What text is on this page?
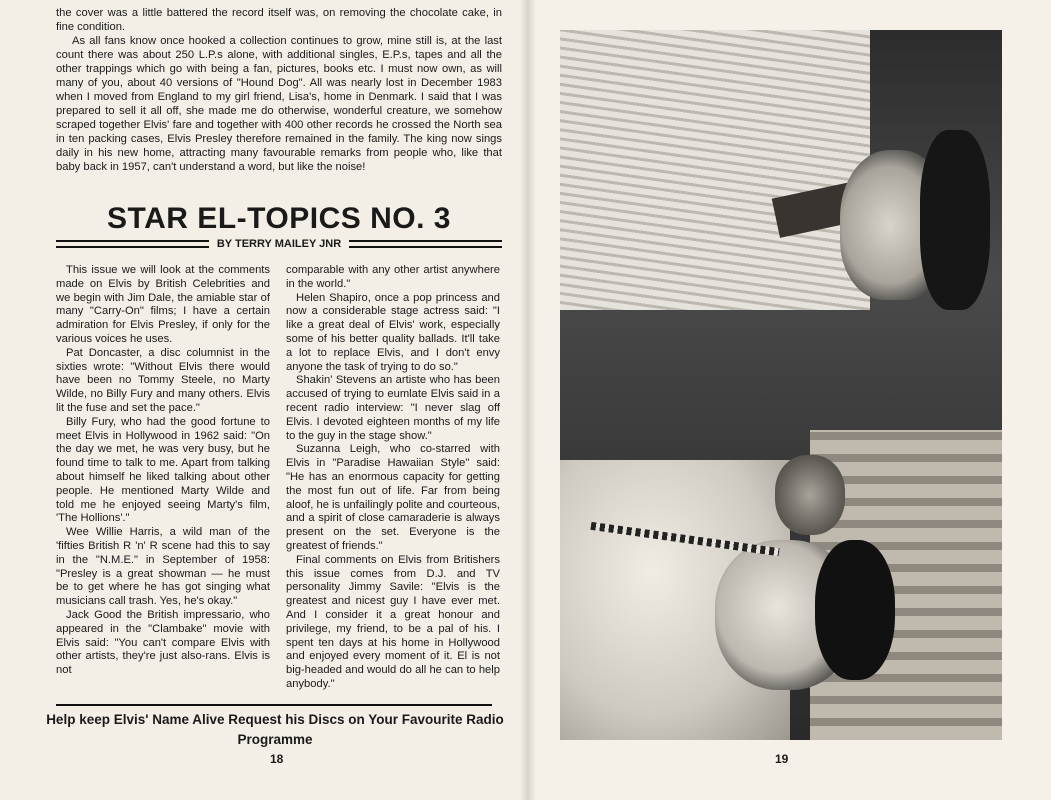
the cover was a little battered the record itself was, on removing the chocolate cake, in fine condition.

As all fans know once hooked a collection continues to grow, mine still is, at the last count there was about 250 L.P.s alone, with additional singles, E.P.s, tapes and all the other trappings which go with being a fan, pictures, books etc. I must now own, as will many of you, about 40 versions of "Hound Dog". All was nearly lost in December 1983 when I moved from England to my girl friend, Lisa's, home in Denmark. I said that I was prepared to sell it all off, she made me do otherwise, wonderful creature, we somehow scraped together Elvis' fare and together with 400 other records he crossed the North sea in ten packing cases, Elvis Presley therefore remained in the family. The king now sings daily in his new home, attracting many favourable remarks from people who, like that baby back in 1957, can't understand a word, but like the noise!

STAR EL-TOPICS NO. 3
BY TERRY MAILEY JNR

This issue we will look at the comments made on Elvis by British Celebrities and we begin with Jim Dale, the amiable star of many "Carry-On" films; I have a certain admiration for Elvis Presley, if only for the various voices he uses.

Pat Doncaster, a disc columnist in the sixties wrote: "Without Elvis there would have been no Tommy Steele, no Marty Wilde, no Billy Fury and many others. Elvis lit the fuse and set the pace."

Billy Fury, who had the good fortune to meet Elvis in Hollywood in 1962 said: "On the day we met, he was very busy, but he found time to talk to me. Apart from talking about himself he liked talking about other people. He mentioned Marty Wilde and told me he enjoyed seeing Marty's film, 'The Hollions'."

Wee Willie Harris, a wild man of the 'fifties British R 'n' R scene had this to say in the "N.M.E." in September of 1958: "Presley is a great showman — he must be to get where he has got singing what musicians call trash. Yes, he's okay."

Jack Good the British impressario, who appeared in the "Clambake" movie with Elvis said: "You can't compare Elvis with other artists, they're just also-rans. Elvis is not

comparable with any other artist anywhere in the world."

Helen Shapiro, once a pop princess and now a considerable stage actress said: "I like a great deal of Elvis' work, especially some of his better quality ballads. It'll take a lot to replace Elvis, and I don't envy anyone the task of trying to do so."

Shakin' Stevens an artiste who has been accused of trying to eumlate Elvis said in a recent radio interview: "I never slag off Elvis. I devoted eighteen months of my life to the guy in the stage show."

Suzanna Leigh, who co-starred with Elvis in "Paradise Hawaiian Style" said: "He has an enormous capacity for getting the most fun out of life. Far from being aloof, he is unfailingly polite and courteous, and a spirit of close camaraderie is always present on the set. Everyone is the greatest of friends."

Final comments on Elvis from Britishers this issue comes from D.J. and TV personality Jimmy Savile: "Elvis is the greatest and nicest guy I have ever met. And I consider it a great honour and privilege, my friend, to be a pal of his. I spent ten days at his home in Hollywood and enjoyed every moment of it. El is not big-headed and would do all he can to help anybody."

Help keep Elvis' Name Alive Request his Discs on Your Favourite Radio Programme
18	19
